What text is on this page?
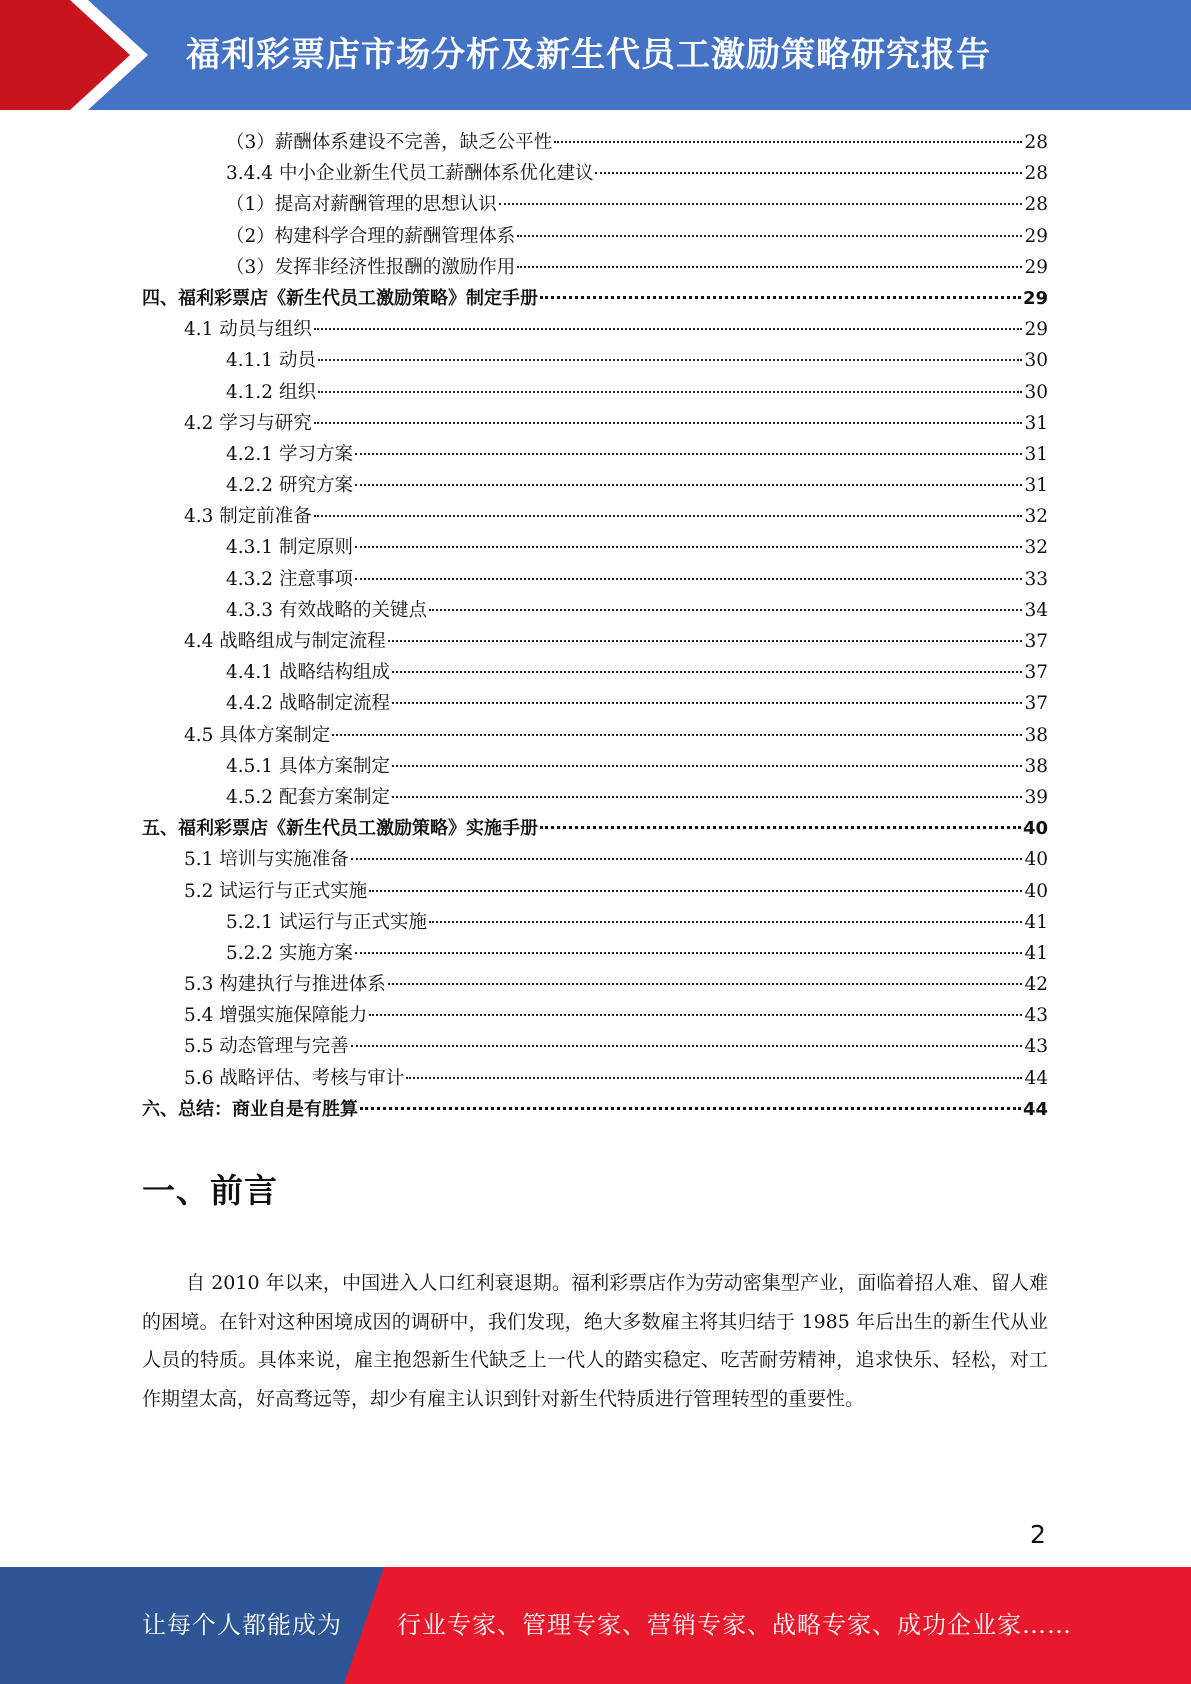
福利彩票店市场分析及新生代员工激励策略研究报告
（3）薪酬体系建设不完善，缺乏公平性	28
3.4.4 中小企业新生代员工薪酬体系优化建议	28
（1）提高对薪酬管理的思想认识	28
（2）构建科学合理的薪酬管理体系	29
（3）发挥非经济性报酬的激励作用	29
四、福利彩票店《新生代员工激励策略》制定手册	29
4.1 动员与组织	29
4.1.1 动员	30
4.1.2 组织	30
4.2 学习与研究	31
4.2.1 学习方案	31
4.2.2 研究方案	31
4.3 制定前准备	32
4.3.1 制定原则	32
4.3.2 注意事项	33
4.3.3 有效战略的关键点	34
4.4 战略组成与制定流程	37
4.4.1 战略结构组成	37
4.4.2 战略制定流程	37
4.5 具体方案制定	38
4.5.1 具体方案制定	38
4.5.2 配套方案制定	39
五、福利彩票店《新生代员工激励策略》实施手册	40
5.1 培训与实施准备	40
5.2 试运行与正式实施	40
5.2.1 试运行与正式实施	41
5.2.2 实施方案	41
5.3 构建执行与推进体系	42
5.4 增强实施保障能力	43
5.5 动态管理与完善	43
5.6 战略评估、考核与审计	44
六、总结：商业自是有胜算	44
一、前言
自 2010 年以来，中国进入人口红利衰退期。福利彩票店作为劳动密集型产业，面临着招人难、留人难的困境。在针对这种困境成因的调研中，我们发现，绝大多数雇主将其归结于 1985 年后出生的新生代从业人员的特质。具体来说，雇主抱怨新生代缺乏上一代人的踏实稳定、吃苦耐劳精神，追求快乐、轻松，对工作期望太高，好高骛远等，却少有雇主认识到针对新生代特质进行管理转型的重要性。
2
让每个人都能成为 行业专家、管理专家、营销专家、战略专家、成功企业家……
